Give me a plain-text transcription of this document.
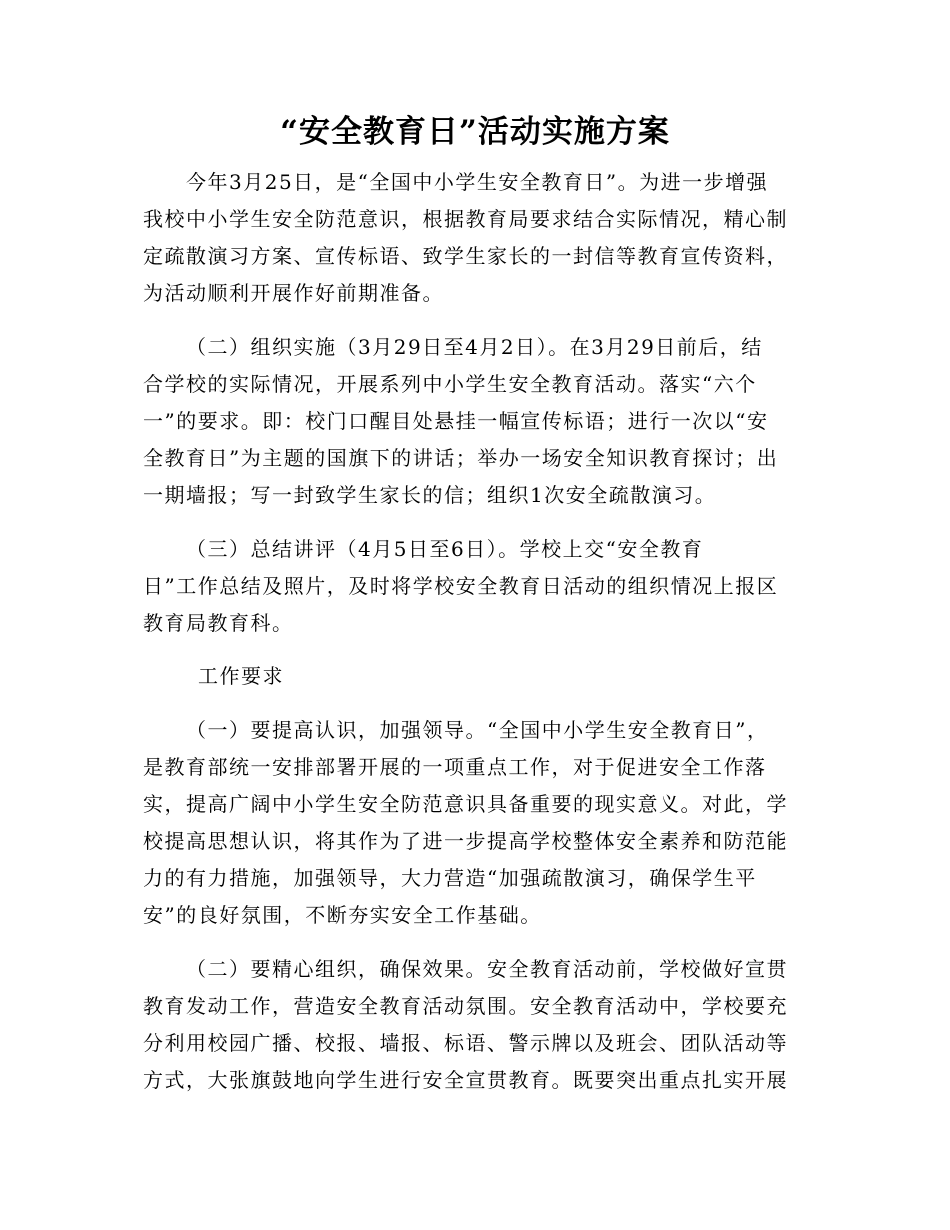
“安全教育日”活动实施方案
今年3月25日，是“全国中小学生安全教育日”。为进一步增强
我校中小学生安全防范意识，根据教育局要求结合实际情况，精心制
定疏散演习方案、宣传标语、致学生家长的一封信等教育宣传资料，
为活动顺利开展作好前期准备。
（二）组织实施（3月29日至4月2日）。在3月29日前后，结
合学校的实际情况，开展系列中小学生安全教育活动。落实“六个
一”的要求。即：校门口醒目处悬挂一幅宣传标语；进行一次以“安
全教育日”为主题的国旗下的讲话；举办一场安全知识教育探讨；出
一期墙报；写一封致学生家长的信；组织1次安全疏散演习。
（三）总结讲评（4月5日至6日）。学校上交“安全教育
日”工作总结及照片，及时将学校安全教育日活动的组织情况上报区
教育局教育科。
工作要求
（一）要提高认识，加强领导。“全国中小学生安全教育日”，
是教育部统一安排部署开展的一项重点工作，对于促进安全工作落
实，提高广阔中小学生安全防范意识具备重要的现实意义。对此，学
校提高思想认识，将其作为了进一步提高学校整体安全素养和防范能
力的有力措施，加强领导，大力营造“加强疏散演习，确保学生平
安”的良好氛围，不断夯实安全工作基础。
（二）要精心组织，确保效果。安全教育活动前，学校做好宣贯
教育发动工作，营造安全教育活动氛围。安全教育活动中，学校要充
分利用校园广播、校报、墙报、标语、警示牌以及班会、团队活动等
方式，大张旗鼓地向学生进行安全宣贯教育。既要突出重点扎实开展
